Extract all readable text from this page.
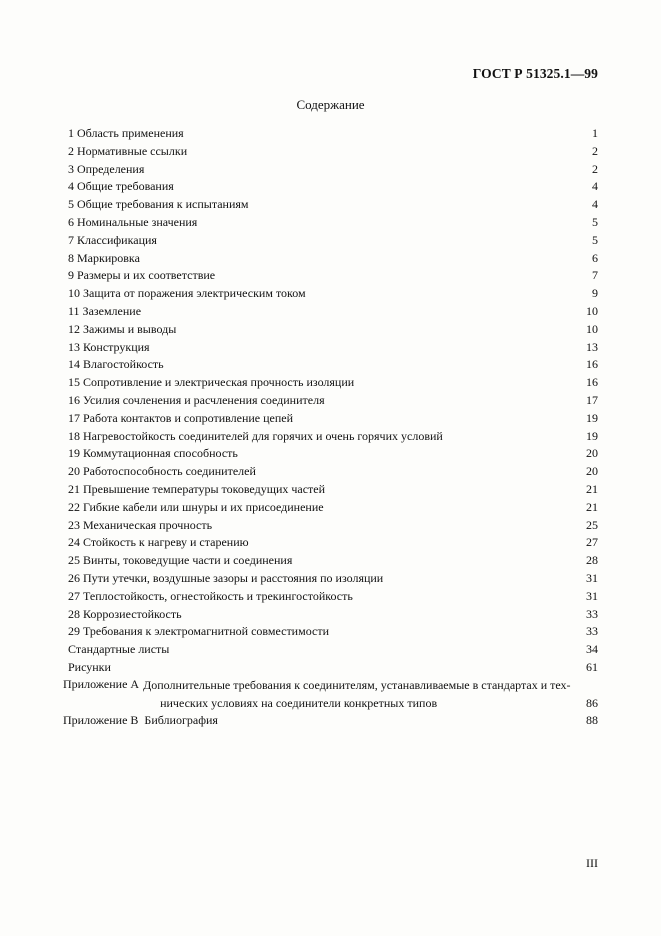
ГОСТ Р 51325.1—99
Содержание
1 Область применения	1
2 Нормативные ссылки	2
3 Определения	2
4 Общие требования	4
5 Общие требования к испытаниям	4
6 Номинальные значения	5
7 Классификация	5
8 Маркировка	6
9 Размеры и их соответствие	7
10 Защита от поражения электрическим током	9
11 Заземление	10
12 Зажимы и выводы	10
13 Конструкция	13
14 Влагостойкость	16
15 Сопротивление и электрическая прочность изоляции	16
16 Усилия сочленения и расчленения соединителя	17
17 Работа контактов и сопротивление цепей	19
18 Нагревостойкость соединителей для горячих и очень горячих условий	19
19 Коммутационная способность	20
20 Работоспособность соединителей	20
21 Превышение температуры токоведущих частей	21
22 Гибкие кабели или шнуры и их присоединение	21
23 Механическая прочность	25
24 Стойкость к нагреву и старению	27
25 Винты, токоведущие части и соединения	28
26 Пути утечки, воздушные зазоры и расстояния по изоляции	31
27 Теплостойкость, огнестойкость и трекингостойкость	31
28 Коррозиестойкость	33
29 Требования к электромагнитной совместимости	33
Стандартные листы	34
Рисунки	61
Приложение А Дополнительные требования к соединителям, устанавливаемые в стандартах и тех-
нических условиях на соединители конкретных типов	86
Приложение В Библиография	88
III
